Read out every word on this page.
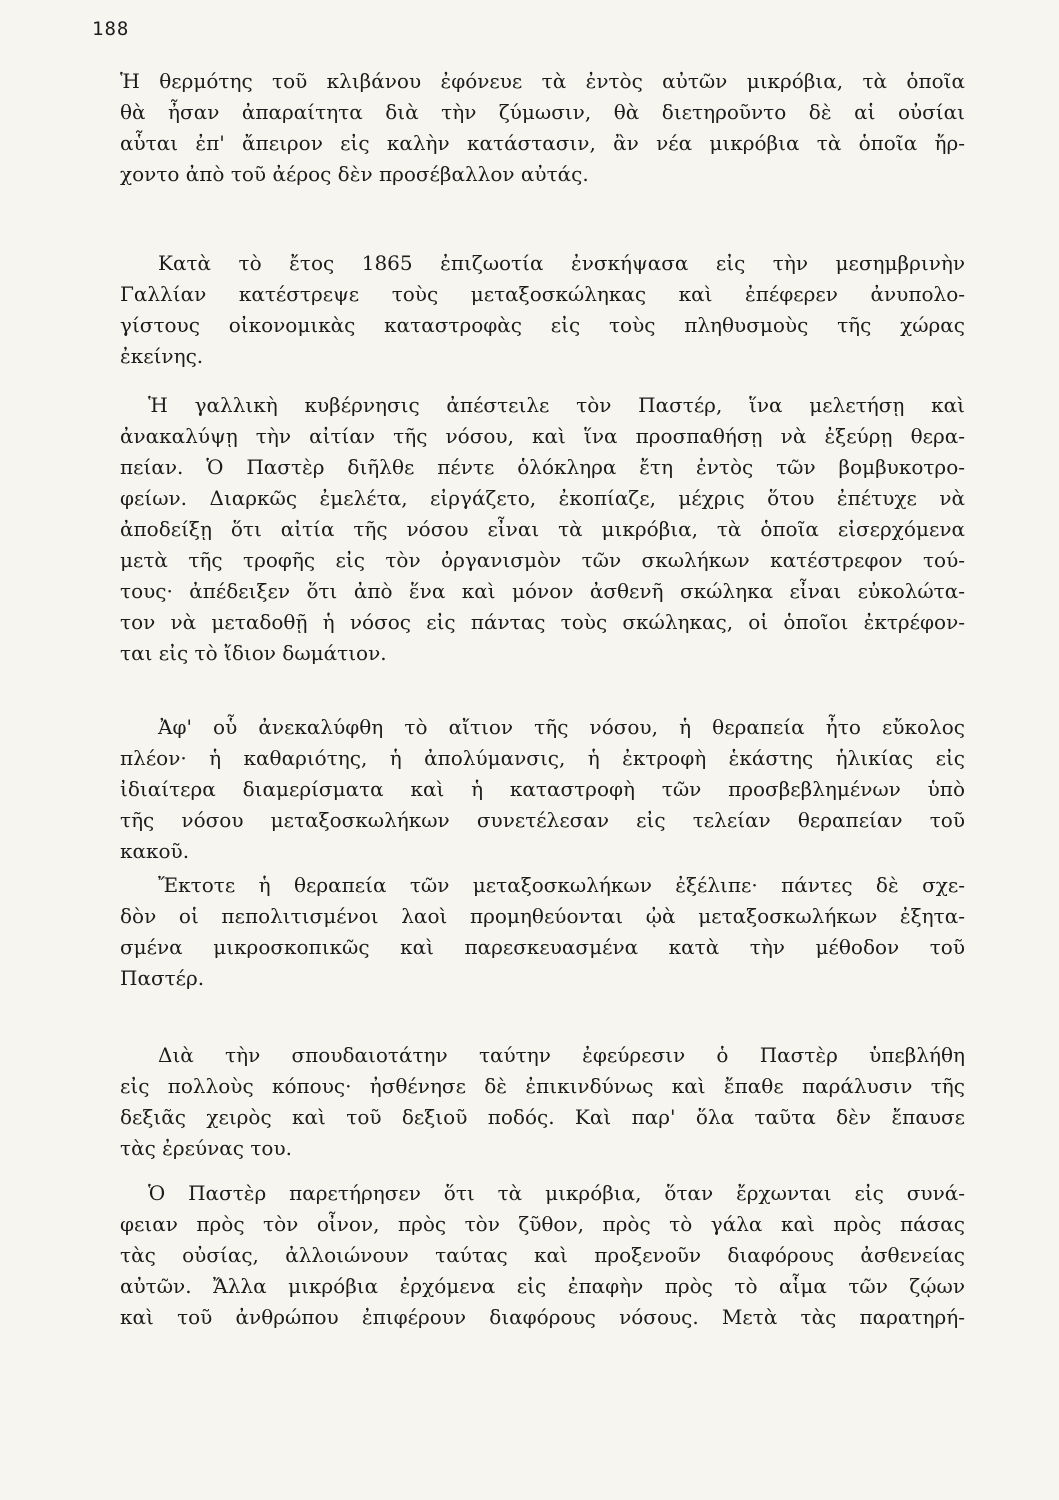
188
Ἡ θερμότης τοῦ κλιβάνου ἐφόνευε τὰ ἐντὸς αὐτῶν μικρόβια, τὰ ὁποῖα
θὰ ἦσαν ἀπαραίτητα διὰ τὴν ζύμωσιν, θὰ διετηροῦντο δὲ αἱ οὐσίαι
αὗται ἐπ' ἄπειρον εἰς καλὴν κατάστασιν, ἂν νέα μικρόβια τὰ ὁποῖα ἤρ-
χοντο ἀπὸ τοῦ ἀέρος δὲν προσέβαλλον αὐτάς.
Κατὰ τὸ ἔτος 1865 ἐπιζωοτία ἐνσκήψασα εἰς τὴν μεσημβρινὴν
Γαλλίαν κατέστρεψε τοὺς μεταξοσκώληκας καὶ ἐπέφερεν ἀνυπολο-
γίστους οἰκονομικὰς καταστροφὰς εἰς τοὺς πληθυσμοὺς τῆς χώρας
ἐκείνης.
Ἡ γαλλικὴ κυβέρνησις ἀπέστειλε τὸν Παστέρ, ἵνα μελετήσῃ καὶ
ἀνακαλύψῃ τὴν αἰτίαν τῆς νόσου, καὶ ἵνα προσπαθήσῃ νὰ ἐξεύρῃ θερα-
πείαν. Ὁ Παστὲρ διῆλθε πέντε ὁλόκληρα ἔτη ἐντὸς τῶν βομβυκοτρο-
φείων. Διαρκῶς ἐμελέτα, εἰργάζετο, ἐκοπίαζε, μέχρις ὅτου ἐπέτυχε νὰ
ἀποδείξῃ ὅτι αἰτία τῆς νόσου εἶναι τὰ μικρόβια, τὰ ὁποῖα εἰσερχόμενα
μετὰ τῆς τροφῆς εἰς τὸν ὀργανισμὸν τῶν σκωλήκων κατέστρεφον τού-
τους· ἀπέδειξεν ὅτι ἀπὸ ἕνα καὶ μόνον ἀσθενῆ σκώληκα εἶναι εὐκολώτα-
τον νὰ μεταδοθῇ ἡ νόσος εἰς πάντας τοὺς σκώληκας, οἱ ὁποῖοι ἐκτρέφον-
ται εἰς τὸ ἴδιον δωμάτιον.
Ἀφ' οὗ ἀνεκαλύφθη τὸ αἴτιον τῆς νόσου, ἡ θεραπεία ἦτο εὔκολος
πλέον· ἡ καθαριότης, ἡ ἀπολύμανσις, ἡ ἐκτροφὴ ἑκάστης ἡλικίας εἰς
ἰδιαίτερα διαμερίσματα καὶ ἡ καταστροφὴ τῶν προσβεβλημένων ὑπὸ
τῆς νόσου μεταξοσκωλήκων συνετέλεσαν εἰς τελείαν θεραπείαν τοῦ
κακοῦ.
Ἔκτοτε ἡ θεραπεία τῶν μεταξοσκωλήκων ἐξέλιπε· πάντες δὲ σχε-
δὸν οἱ πεπολιτισμένοι λαοὶ προμηθεύονται ᾠὰ μεταξοσκωλήκων ἐξητα-
σμένα μικροσκοπικῶς καὶ παρεσκευασμένα κατὰ τὴν μέθοδον τοῦ
Παστέρ.
Διὰ τὴν σπουδαιοτάτην ταύτην ἐφεύρεσιν ὁ Παστὲρ ὑπεβλήθη
εἰς πολλοὺς κόπους· ἠσθένησε δὲ ἐπικινδύνως καὶ ἔπαθε παράλυσιν τῆς
δεξιᾶς χειρὸς καὶ τοῦ δεξιοῦ ποδός. Καὶ παρ' ὅλα ταῦτα δὲν ἔπαυσε
τὰς ἐρεύνας του.
Ὁ Παστὲρ παρετήρησεν ὅτι τὰ μικρόβια, ὅταν ἔρχωνται εἰς συνά-
φειαν πρὸς τὸν οἶνον, πρὸς τὸν ζῦθον, πρὸς τὸ γάλα καὶ πρὸς πάσας
τὰς οὐσίας, ἀλλοιώνουν ταύτας καὶ προξενοῦν διαφόρους ἀσθενείας
αὐτῶν. Ἄλλα μικρόβια ἐρχόμενα εἰς ἐπαφὴν πρὸς τὸ αἷμα τῶν ζῴων
καὶ τοῦ ἀνθρώπου ἐπιφέρουν διαφόρους νόσους. Μετὰ τὰς παρατηρή-
